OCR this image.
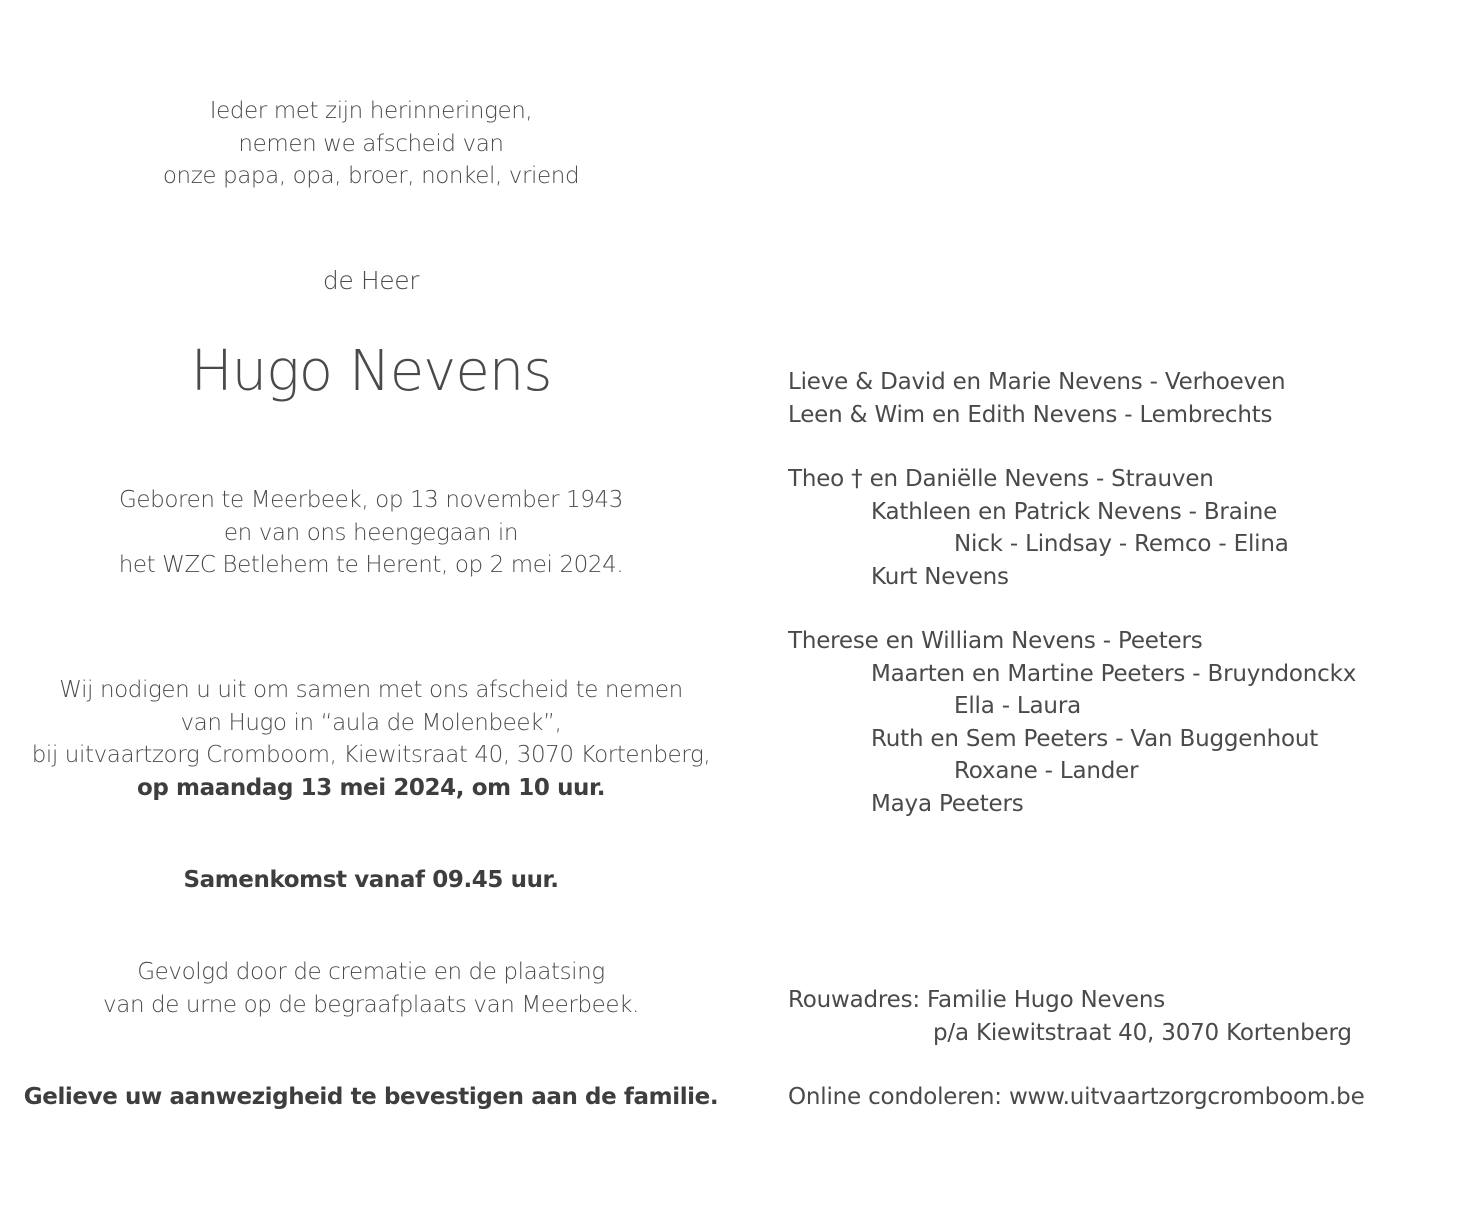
Ieder met zijn herinneringen,
nemen we afscheid van
onze papa, opa, broer, nonkel, vriend
de Heer
Hugo Nevens
Geboren te Meerbeek, op 13 november 1943
en van ons heengegaan in
het WZC Betlehem te Herent, op 2 mei 2024.
Wij nodigen u uit om samen met ons afscheid te nemen
van Hugo in “aula de Molenbeek”,
bij uitvaartzorg Cromboom, Kiewitsraat 40, 3070 Kortenberg,
op maandag 13 mei 2024, om 10 uur.
Samenkomst vanaf 09.45 uur.
Gevolgd door de crematie en de plaatsing
van de urne op de begraafplaats van Meerbeek.
Gelieve uw aanwezigheid te bevestigen aan de familie.
Lieve & David en Marie Nevens - Verhoeven
Leen & Wim en Edith Nevens - Lembrechts
Theo † en Daniëlle Nevens - Strauven
Kathleen en Patrick Nevens - Braine
Nick - Lindsay - Remco - Elina
Kurt Nevens
Therese en William Nevens - Peeters
Maarten en Martine Peeters - Bruyndonckx
Ella - Laura
Ruth en Sem Peeters - Van Buggenhout
Roxane - Lander
Maya Peeters
Rouwadres: Familie Hugo Nevens
p/a Kiewitstraat 40, 3070 Kortenberg
Online condoleren: www.uitvaartzorgcromboom.be
